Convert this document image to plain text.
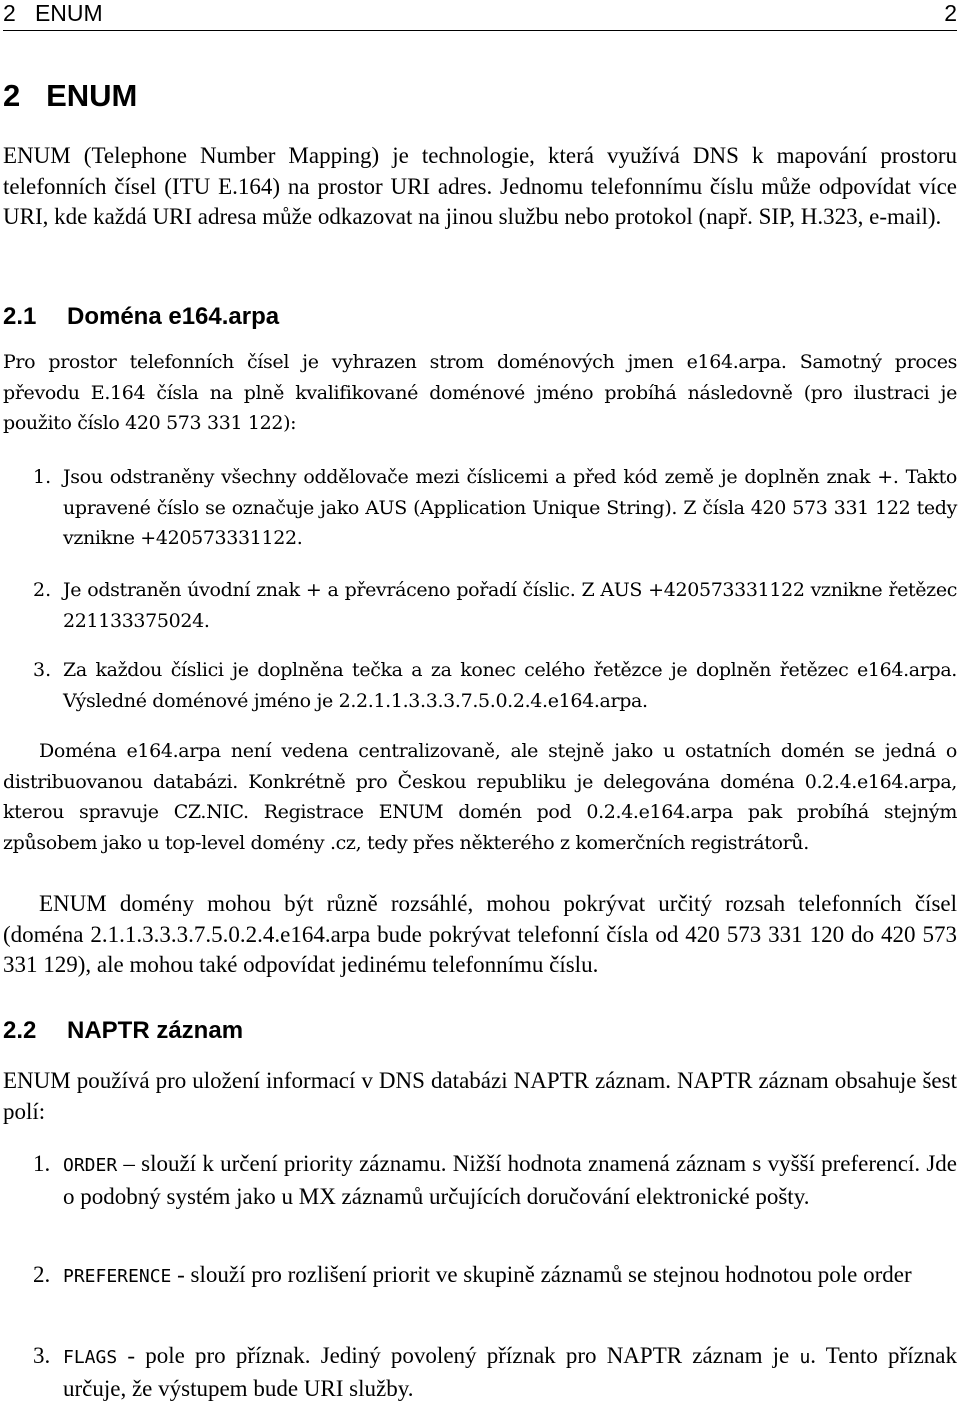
2   ENUM	2
2   ENUM

ENUM (Telephone Number Mapping) je technologie, která využívá DNS k mapování prostoru telefonních čísel (ITU E.164) na prostor URI adres. Jednomu telefonnímu číslu může odpovídat více URI, kde každá URI adresa může odkazovat na jinou službu nebo protokol (např. SIP, H.323, e-mail).

2.1 Doména e164.arpa

Pro prostor telefonních čísel je vyhrazen strom doménových jmen e164.arpa. Samotný proces převodu E.164 čísla na plně kvalifikované doménové jméno probíhá následovně (pro ilustraci je použito číslo 420 573 331 122):

1. Jsou odstraněny všechny oddělovače mezi číslicemi a před kód země je doplněn znak +. Takto upravené číslo se označuje jako AUS (Application Unique String). Z čísla 420 573 331 122 tedy vznikne +420573331122.
2. Je odstraněn úvodní znak + a převráceno pořadí číslic. Z AUS +420573331122 vznikne řetězec 221133375024.
3. Za každou číslici je doplněna tečka a za konec celého řetězce je doplněn řetězec e164.arpa. Výsledné doménové jméno je 2.2.1.1.3.3.3.7.5.0.2.4.e164.arpa.

Doména e164.arpa není vedena centralizovaně, ale stejně jako u ostatních domén se jedná o distribuovanou databázi. Konkrétně pro Českou republiku je delegována doména 0.2.4.e164.arpa, kterou spravuje CZ.NIC. Registrace ENUM domén pod 0.2.4.e164.arpa pak probíhá stejným způsobem jako u top-level domény .cz, tedy přes některého z komerčních registrátorů.

ENUM domény mohou být různě rozsáhlé, mohou pokrývat určitý rozsah telefonních čísel (doména 2.1.1.3.3.3.7.5.0.2.4.e164.arpa bude pokrývat telefonní čísla od 420 573 331 120 do 420 573 331 129), ale mohou také odpovídat jedinému telefonnímu číslu.

2.2 NAPTR záznam

ENUM používá pro uložení informací v DNS databázi NAPTR záznam. NAPTR záznam obsahuje šest polí:

1. ORDER – slouží k určení priority záznamu. Nižší hodnota znamená záznam s vyšší preferencí. Jde o podobný systém jako u MX záznamů určujících doručování elektronické pošty.
2. PREFERENCE - slouží pro rozlišení priorit ve skupině záznamů se stejnou hodnotou pole order
3. FLAGS - pole pro příznak. Jediný povolený příznak pro NAPTR záznam je u. Tento příznak určuje, že výstupem bude URI služby.
